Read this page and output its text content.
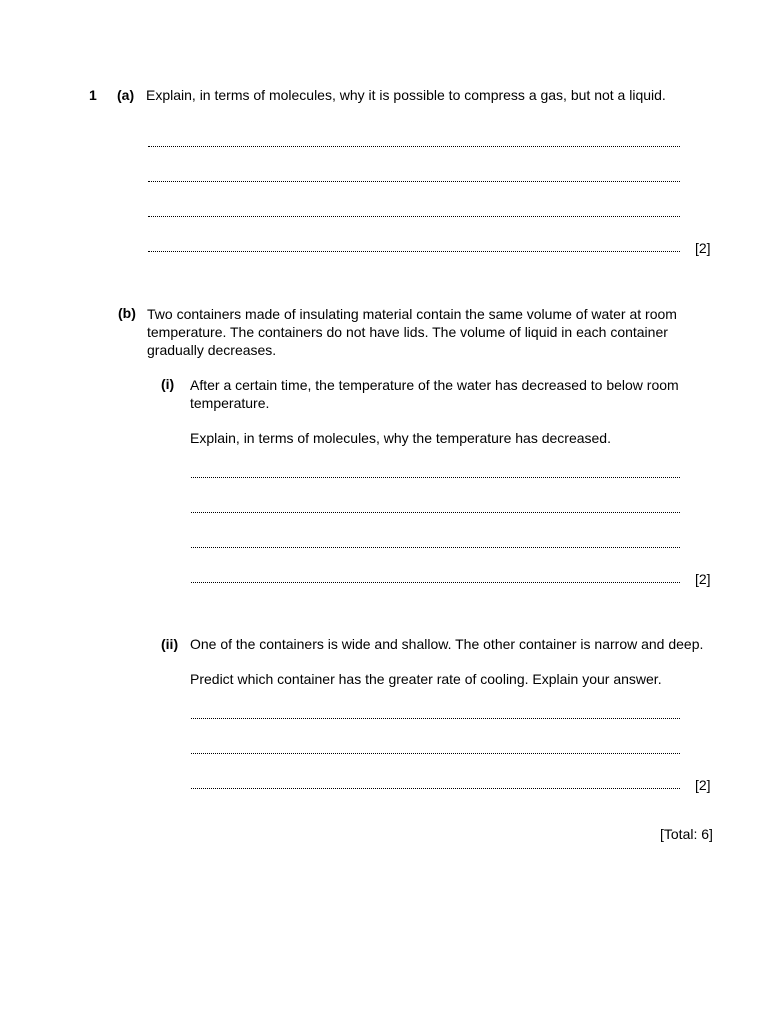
1 (a) Explain, in terms of molecules, why it is possible to compress a gas, but not a liquid.
[2]
(b) Two containers made of insulating material contain the same volume of water at room temperature. The containers do not have lids. The volume of liquid in each container gradually decreases.
(i) After a certain time, the temperature of the water has decreased to below room temperature.
Explain, in terms of molecules, why the temperature has decreased.
[2]
(ii) One of the containers is wide and shallow. The other container is narrow and deep.
Predict which container has the greater rate of cooling. Explain your answer.
[2]
[Total: 6]
